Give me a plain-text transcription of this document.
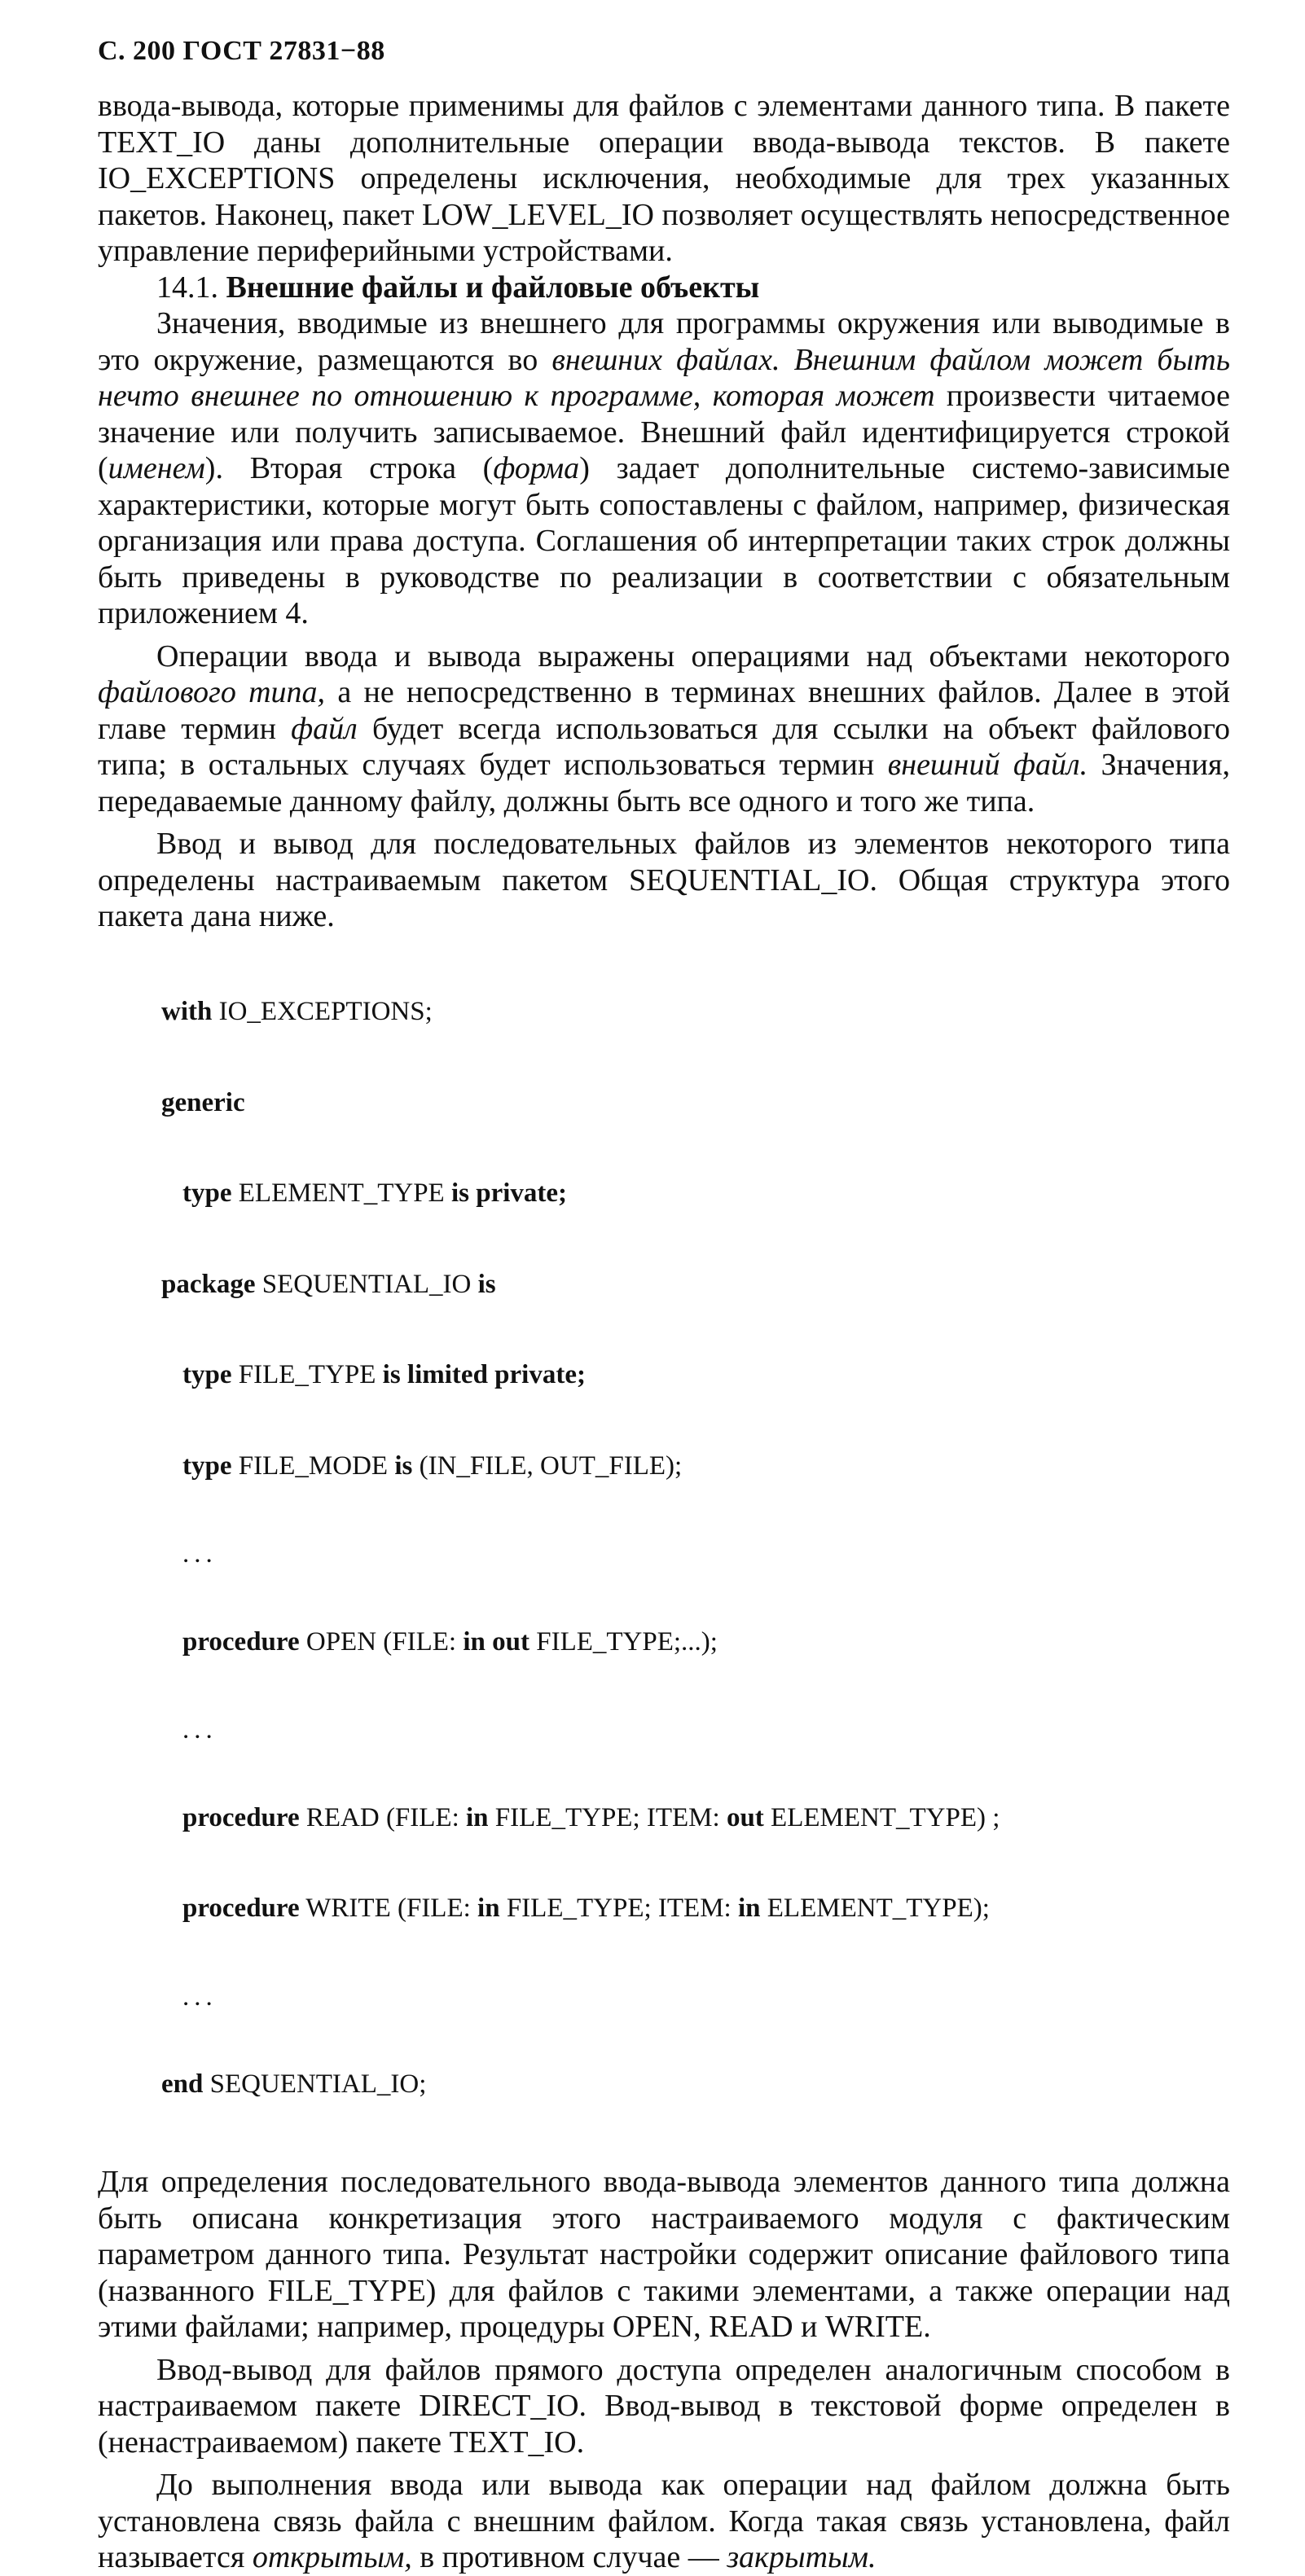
С. 200 ГОСТ 27831−88

ввода-вывода, которые применимы для файлов с элементами данного типа. В пакете TEXT_IO даны дополнительные операции ввода-вывода текстов. В пакете IO_EXCEPTIONS определены исключения, необходимые для трех указанных пакетов. Наконец, пакет LOW_LEVEL_IO позволяет осуществлять непосредственное управление периферийными устройствами.

14.1. Внешние файлы и файловые объекты

Значения, вводимые из внешнего для программы окружения или выводимые в это окружение, размещаются во внешних файлах. Внешним файлом может быть нечто внешнее по отношению к программе, которая может произвести читаемое значение или получить записываемое. Внешний файл идентифицируется строкой (именем). Вторая строка (форма) задает дополнительные системо-зависимые характеристики, которые могут быть сопоставлены с файлом, например, физическая организация или права доступа. Соглашения об интерпретации таких строк должны быть приведены в руководстве по реализации в соответствии с обязательным приложением 4.

Операции ввода и вывода выражены операциями над объектами некоторого файлового типа, а не непосредственно в терминах внешних файлов. Далее в этой главе термин файл будет всегда использоваться для ссылки на объект файлового типа; в остальных случаях будет использоваться термин внешний файл. Значения, передаваемые данному файлу, должны быть все одного и того же типа.

Ввод и вывод для последовательных файлов из элементов некоторого типа определены настраиваемым пакетом SEQUENTIAL_IO. Общая структура этого пакета дана ниже.

with IO_EXCEPTIONS;

generic

type ELEMENT_TYPE is private;

package SEQUENTIAL_IO is

type FILE_TYPE is limited private;

type FILE_MODE is (IN_FILE, OUT_FILE);

...

procedure OPEN (FILE: in out FILE_TYPE;...);

...

procedure READ (FILE: in FILE_TYPE; ITEM: out ELEMENT_TYPE) ;

procedure WRITE (FILE: in FILE_TYPE; ITEM: in ELEMENT_TYPE);

...

end SEQUENTIAL_IO;

Для определения последовательного ввода-вывода элементов данного типа должна быть описана конкретизация этого настраиваемого модуля с фактическим параметром данного типа. Результат настройки содержит описание файлового типа (названного FILE_TYPE) для файлов с такими элементами, а также операции над этими файлами; например, процедуры OPEN, READ и WRITE.

Ввод-вывод для файлов прямого доступа определен аналогичным способом в настраиваемом пакете DIRECT_IO. Ввод-вывод в текстовой форме определен в (ненастраиваемом) пакете TEXT_IO.

До выполнения ввода или вывода как операции над файлом должна быть установлена связь файла с внешним файлом. Когда такая связь установлена, файл называется открытым, в противном случае — закрытым.
